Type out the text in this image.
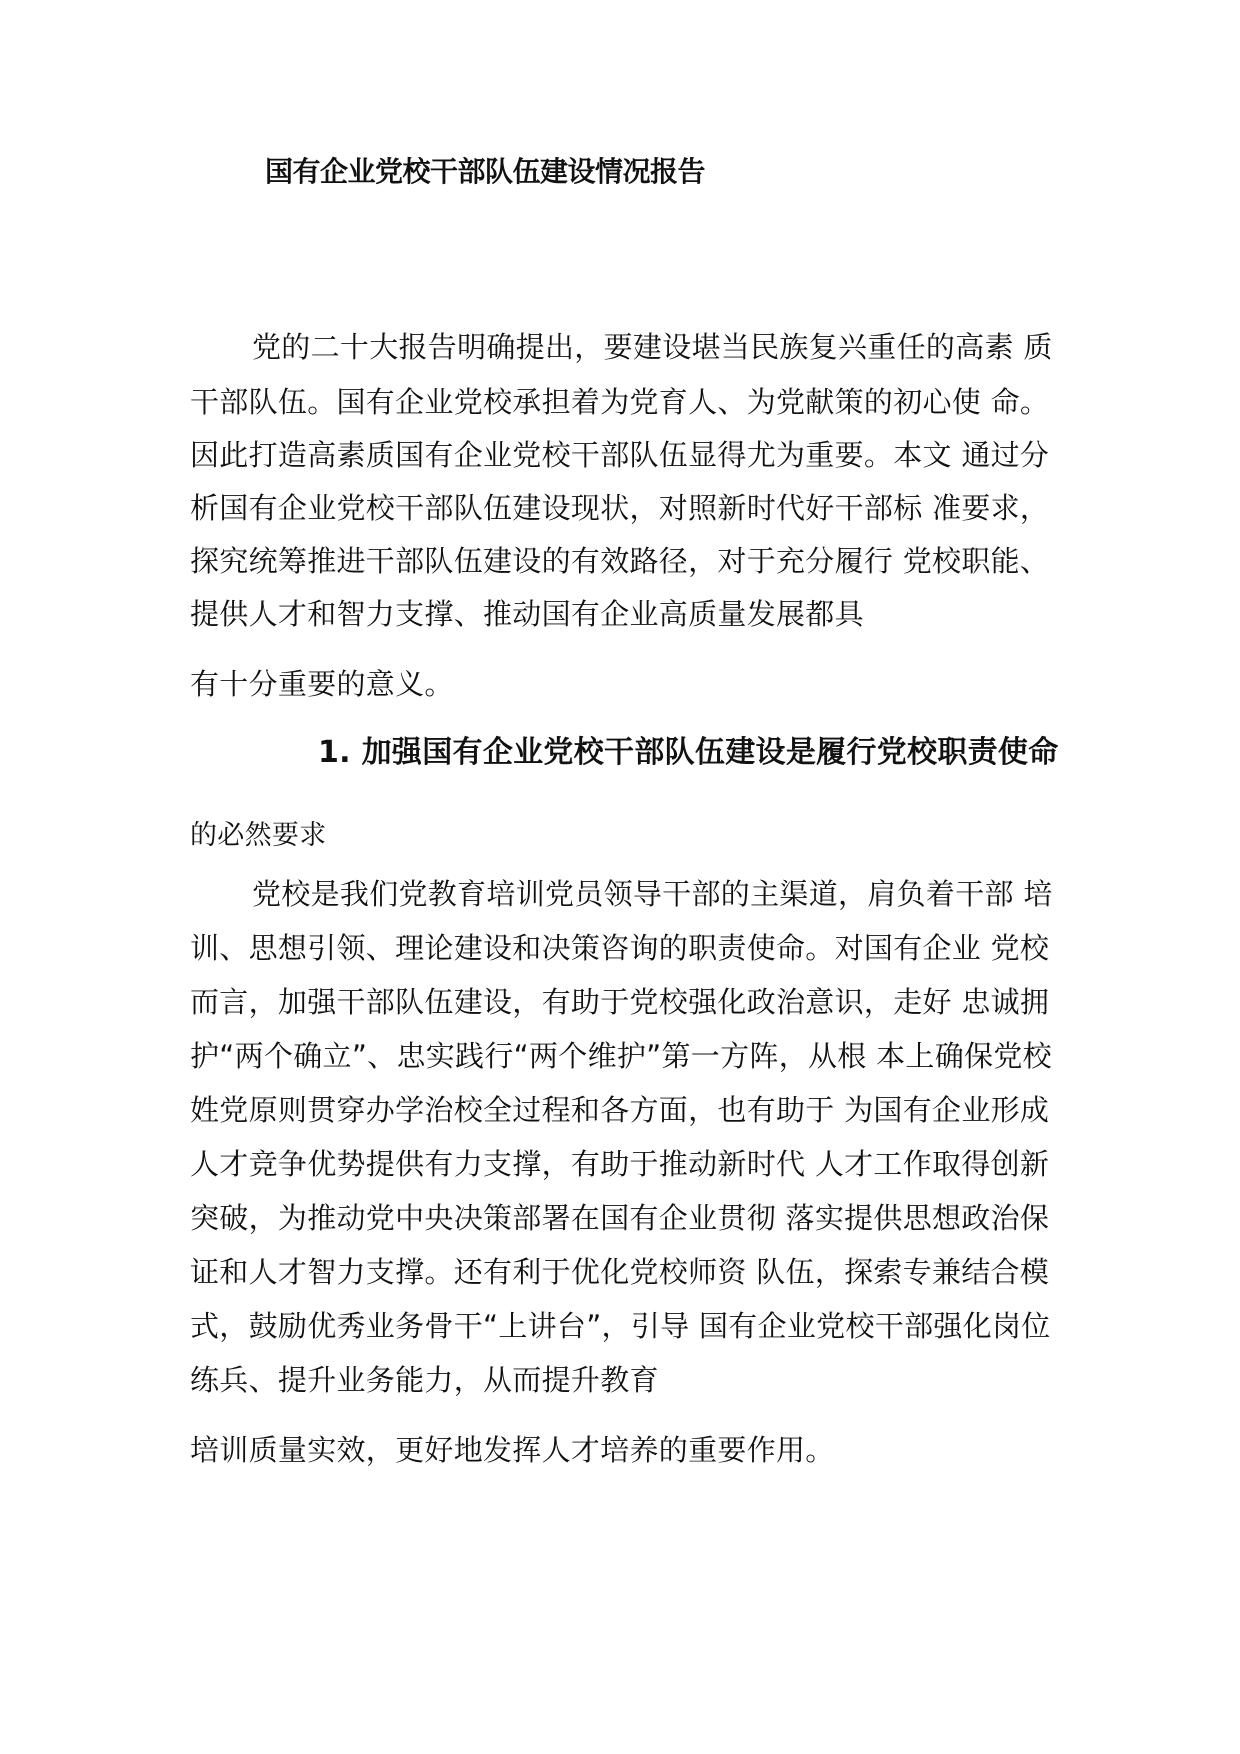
国有企业党校干部队伍建设情况报告
党的二十大报告明确提出，要建设堪当民族复兴重任的高素 质
干部队伍。国有企业党校承担着为党育人、为党献策的初心使 命。
因此打造高素质国有企业党校干部队伍显得尤为重要。本文 通过分
析国有企业党校干部队伍建设现状，对照新时代好干部标 准要求，
探究统筹推进干部队伍建设的有效路径，对于充分履行 党校职能、
提供人才和智力支撑、推动国有企业高质量发展都具
有十分重要的意义。
1. 加强国有企业党校干部队伍建设是履行党校职责使命
的必然要求
党校是我们党教育培训党员领导干部的主渠道，肩负着干部 培
训、思想引领、理论建设和决策咨询的职责使命。对国有企业 党校
而言，加强干部队伍建设，有助于党校强化政治意识，走好 忠诚拥
护“两个确立”、忠实践行“两个维护”第一方阵，从根 本上确保党校
姓党原则贯穿办学治校全过程和各方面，也有助于 为国有企业形成
人才竞争优势提供有力支撑，有助于推动新时代 人才工作取得创新
突破，为推动党中央决策部署在国有企业贯彻 落实提供思想政治保
证和人才智力支撑。还有利于优化党校师资 队伍，探索专兼结合模
式，鼓励优秀业务骨干“上讲台”，引导 国有企业党校干部强化岗位
练兵、提升业务能力，从而提升教育
培训质量实效，更好地发挥人才培养的重要作用。
